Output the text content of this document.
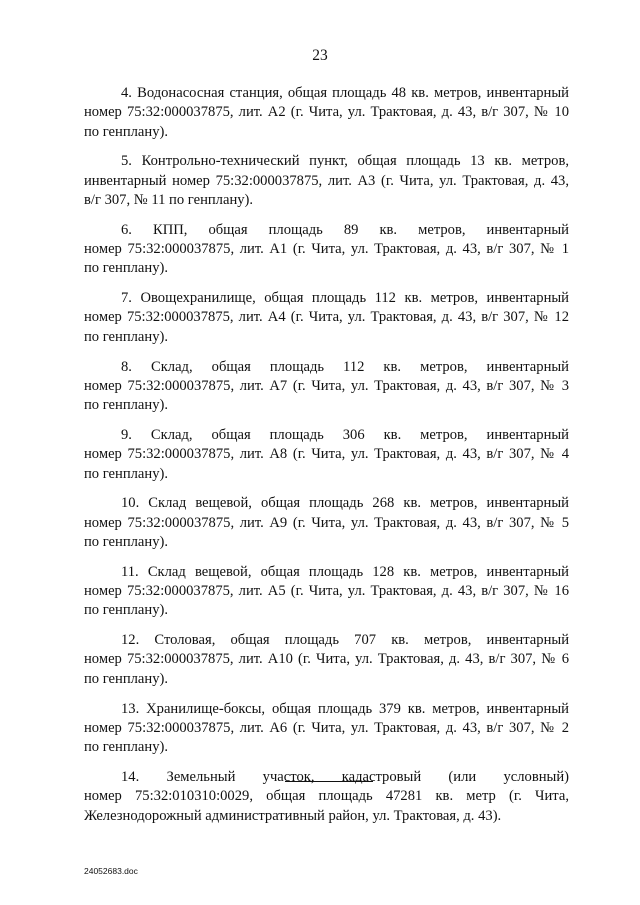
23
4. Водонасосная станция, общая площадь 48 кв. метров, инвентарный
номер 75:32:000037875, лит. А2 (г. Чита, ул. Трактовая, д. 43, в/г 307, № 10
по генплану).
5. Контрольно-технический пункт, общая площадь 13 кв. метров,
инвентарный номер 75:32:000037875, лит. А3 (г. Чита, ул. Трактовая, д. 43,
в/г 307, № 11 по генплану).
6. КПП, общая площадь 89 кв. метров, инвентарный
номер 75:32:000037875, лит. А1 (г. Чита, ул. Трактовая, д. 43, в/г 307, № 1
по генплану).
7. Овощехранилище, общая площадь 112 кв. метров, инвентарный
номер 75:32:000037875, лит. А4 (г. Чита, ул. Трактовая, д. 43, в/г 307, № 12
по генплану).
8. Склад, общая площадь 112 кв. метров, инвентарный
номер 75:32:000037875, лит. А7 (г. Чита, ул. Трактовая, д. 43, в/г 307, № 3
по генплану).
9. Склад, общая площадь 306 кв. метров, инвентарный
номер 75:32:000037875, лит. А8 (г. Чита, ул. Трактовая, д. 43, в/г 307, № 4
по генплану).
10. Склад вещевой, общая площадь 268 кв. метров, инвентарный
номер 75:32:000037875, лит. А9 (г. Чита, ул. Трактовая, д. 43, в/г 307, № 5
по генплану).
11. Склад вещевой, общая площадь 128 кв. метров, инвентарный
номер 75:32:000037875, лит. А5 (г. Чита, ул. Трактовая, д. 43, в/г 307, № 16
по генплану).
12. Столовая, общая площадь 707 кв. метров, инвентарный
номер 75:32:000037875, лит. А10 (г. Чита, ул. Трактовая, д. 43, в/г 307, № 6
по генплану).
13. Хранилище-боксы, общая площадь 379 кв. метров, инвентарный
номер 75:32:000037875, лит. А6 (г. Чита, ул. Трактовая, д. 43, в/г 307, № 2
по генплану).
14. Земельный участок, кадастровый (или условный)
номер 75:32:010310:0029, общая площадь 47281 кв. метр (г. Чита,
Железнодорожный административный район, ул. Трактовая, д. 43).
24052683.doc
